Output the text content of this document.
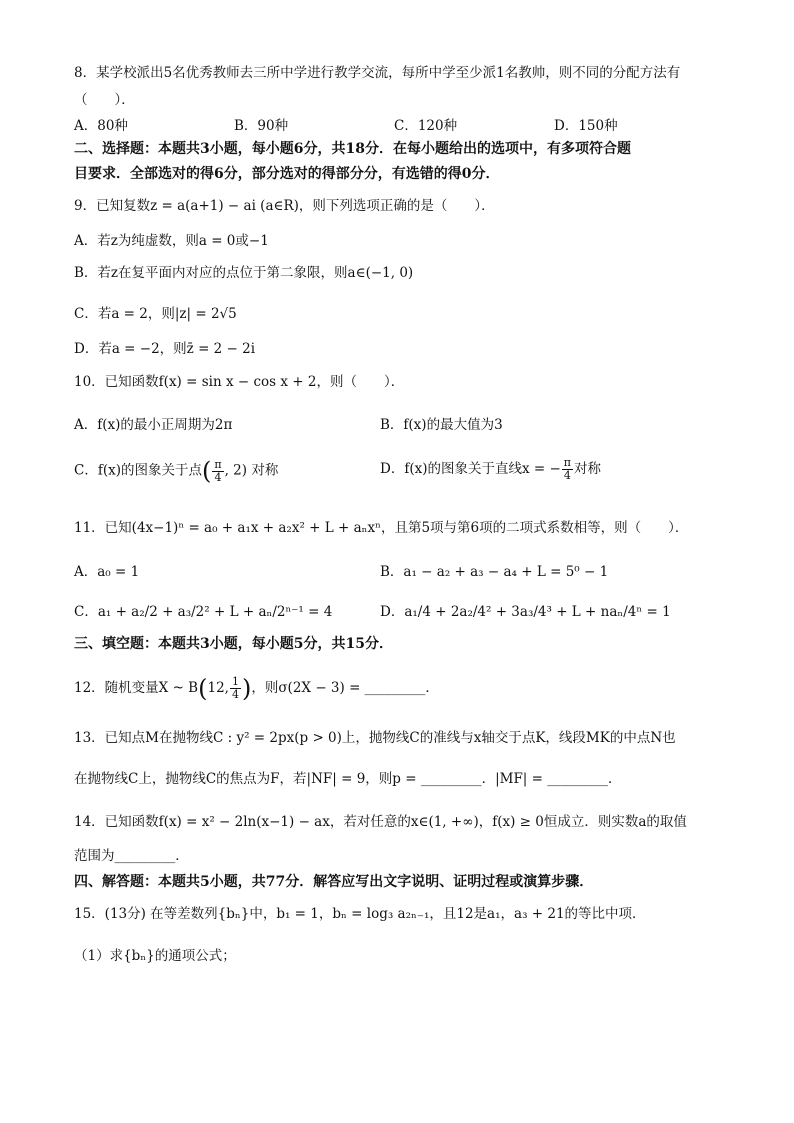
8．某学校派出5名优秀教师去三所中学进行教学交流，每所中学至少派1名教帅，则不同的分配方法有
（　　）．
A．80种	B．90种	C．120种	D．150种
二、选择题：本题共3小题，每小题6分，共18分．在每小题给出的选项中，有多项符合题
目要求．全部选对的得6分，部分选对的得部分分，有选错的得0分．
9．已知复数z = a(a+1) − ai (a∈R)，则下列选项正确的是（　　）．
A．若z为纯虚数，则a = 0或−1
B．若z在复平面内对应的点位于第二象限，则a∈(−1, 0)
C．若a = 2，则|z| = 2√5
D．若a = −2，则z̄ = 2 − 2i
10．已知函数f(x) = sin x − cos x + 2，则（　　）．
A．f(x)的最小正周期为2π	B．f(x)的最大值为3
C．f(x)的图象关于点( $\frac{\pi}{4}$ , 2) 对称	D．f(x)的图象关于直线x = − $\frac{\pi}{4}$ 对称
11．已知(4x−1)ⁿ = a₀ + a₁x + a₂x² + L + aₙxⁿ，且第5项与第6项的二项式系数相等，则（　　）．
A．a₀ = 1	B．a₁ − a₂ + a₃ − a₄ + L = 5⁰ − 1
C．a₁ + a₂/2 + a₃/2² + L + aₙ/2ⁿ⁻¹ = 4	D．a₁/4 + 2a₂/4² + 3a₃/4³ + L + naₙ/4ⁿ = 1
三、填空题：本题共3小题，每小题5分，共15分．
12．随机变量X ~ B(12, $\frac{1}{4}$ )，则σ(2X − 3) = _________．
13．已知点M在抛物线C : y² = 2px(p > 0)上，抛物线C的准线与x轴交于点K，线段MK的中点N也
在抛物线C上，抛物线C的焦点为F，若|NF| = 9，则p = _________．|MF| = _________．
14．已知函数f(x) = x² − 2ln(x−1) − ax，若对任意的x∈(1, +∞)，f(x) ≥ 0恒成立．则实数a的取值
范围为_________．
四、解答题：本题共5小题，共77分．解答应写出文字说明、证明过程或演算步骤．
15．(13分) 在等差数列{bₙ}中，b₁ = 1，bₙ = log₃ a₂ₙ₋₁，且12是a₁，a₃ + 21的等比中项．
（1）求{bₙ}的通项公式；
